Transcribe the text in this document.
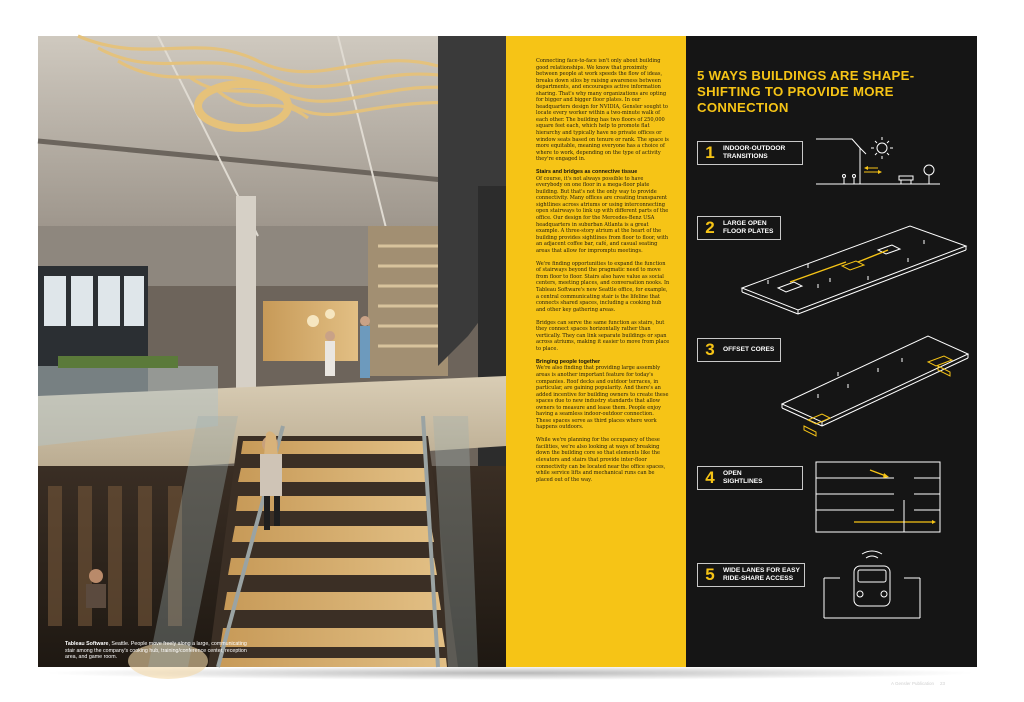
Tableau Software, Seattle. People move freely along a large, communicating stair among the company's cooking hub, training/conference center, reception area, and game room.
22

Connecting face-to-face isn't only about building good relationships. We know that proximity between people at work speeds the flow of ideas, breaks down silos by raising awareness between departments, and encourages active information sharing. That's why many organizations are opting for bigger and bigger floor plates. In our headquarters design for NVIDIA, Gensler sought to locate every worker within a two-minute walk of each other. The building has two floors of 250,000 square feet each, which help to promote flat hierarchy and typically have no private offices or window seats based on tenure or rank. The space is more equitable, meaning everyone has a choice of where to work, depending on the type of activity they're engaged in.

Stairs and bridges as connective tissue

Of course, it's not always possible to have everybody on one floor in a mega-floor plate building. But that's not the only way to provide connectivity. Many offices are creating transparent sightlines across atriums or using interconnecting open stairways to link up with different parts of the office. Our design for the Mercedes-Benz USA headquarters in suburban Atlanta is a great example. A three-story atrium at the heart of the building provides sightlines from floor to floor, with an adjacent coffee bar, café, and casual seating areas that allow for impromptu meetings.

We're finding opportunities to expand the function of stairways beyond the pragmatic need to move from floor to floor. Stairs also have value as social centers, meeting places, and conversation nooks. In Tableau Software's new Seattle office, for example, a central communicating stair is the lifeline that connects shared spaces, including a cooking hub and other key gathering areas.

Bridges can serve the same function as stairs, but they connect spaces horizontally rather than vertically. They can link separate buildings or span across atriums, making it easier to move from place to place.

Bringing people together

We're also finding that providing large assembly areas is another important feature for today's companies. Roof decks and outdoor terraces, in particular, are gaining popularity. And there's an added incentive for building owners to create these spaces due to new industry standards that allow owners to measure and lease them. People enjoy having a seamless indoor-outdoor connection. These spaces serve as third places where work happens outdoors.

While we're planning for the occupancy of these facilities, we're also looking at ways of breaking down the building core so that elements like the elevators and stairs that provide inter-floor connectivity can be located near the office spaces, while service lifts and mechanical runs can be placed out of the way.

5 WAYS BUILDINGS ARE SHAPE-SHIFTING TO PROVIDE MORE CONNECTION
1	INDOOR-OUTDOOR
TRANSITIONS
2	LARGE OPEN
FLOOR PLATES
3	OFFSET CORES
4	OPEN
SIGHTLINES
5	WIDE LANES FOR EASY
RIDE-SHARE ACCESS
A Gensler Publication 23
